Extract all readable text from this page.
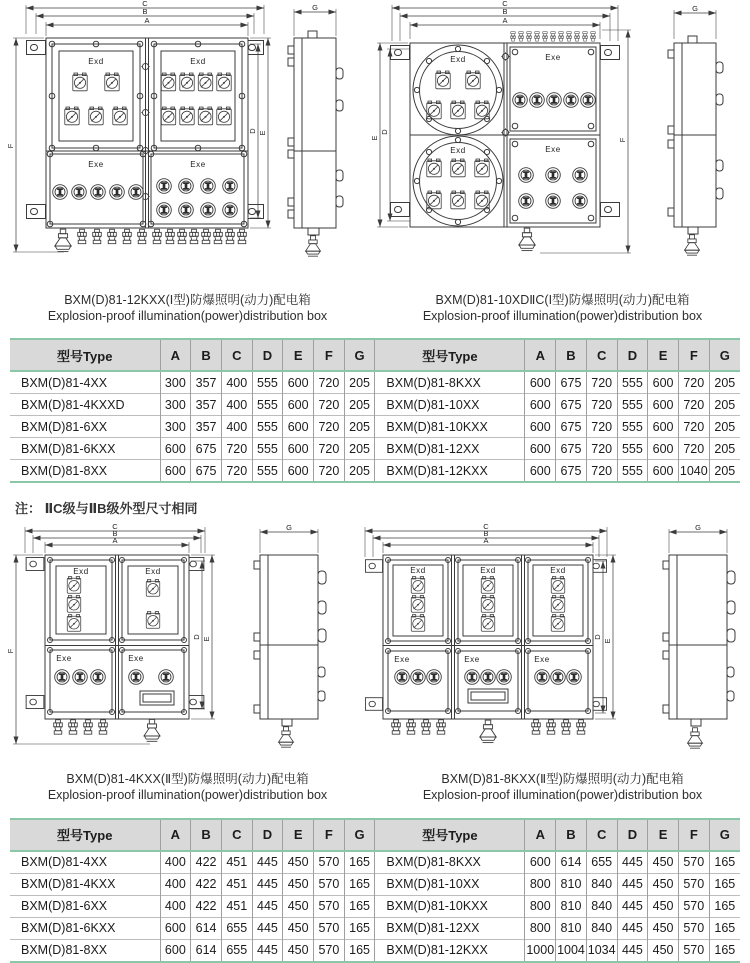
C
B
A
F
D E
Exd	Exd
Exe	Exe
G	C
B
A
E
D
F
Exd
Exd
Exe
Exe
G
BXM(D)81-12KXX(I型)防爆照明(动力)配电箱
Explosion-proof illumination(power)distribution box
BXM(D)81-10XDⅡC(I型)防爆照明(动力)配电箱
Explosion-proof illumination(power)distribution box
型号Type	A	B	C	D	E	F	G	型号Type	A	B	C	D	E	F	G
BXM(D)81-4XX	300	357	400	555	600	720	205	BXM(D)81-8KXX	600	675	720	555	600	720	205
BXM(D)81-4KXXD	300	357	400	555	600	720	205	BXM(D)81-10XX	600	675	720	555	600	720	205
BXM(D)81-6XX	300	357	400	555	600	720	205	BXM(D)81-10KXX	600	675	720	555	600	720	205
BXM(D)81-6KXX	600	675	720	555	600	720	205	BXM(D)81-12XX	600	675	720	555	600	720	205
BXM(D)81-8XX	600	675	720	555	600	720	205	BXM(D)81-12KXX	600	675	720	555	600	1040	205

注： ⅡC级与ⅡB级外型尺寸相同

C
B
A
F
D E
Exd	Exd
Exe	Exe
G	C
B
A
D
E
Exd	Exd	Exd
Exe	Exe	Exe
G
BXM(D)81-4KXX(Ⅱ型)防爆照明(动力)配电箱
Explosion-proof illumination(power)distribution box
BXM(D)81-8KXX(Ⅱ型)防爆照明(动力)配电箱
Explosion-proof illumination(power)distribution box
型号Type	A	B	C	D	E	F	G	型号Type	A	B	C	D	E	F	G
BXM(D)81-4XX	400	422	451	445	450	570	165	BXM(D)81-8KXX	600	614	655	445	450	570	165
BXM(D)81-4KXX	400	422	451	445	450	570	165	BXM(D)81-10XX	800	810	840	445	450	570	165
BXM(D)81-6XX	400	422	451	445	450	570	165	BXM(D)81-10KXX	800	810	840	445	450	570	165
BXM(D)81-6KXX	600	614	655	445	450	570	165	BXM(D)81-12XX	800	810	840	445	450	570	165
BXM(D)81-8XX	600	614	655	445	450	570	165	BXM(D)81-12KXX	1000	1004	1034	445	450	570	165
